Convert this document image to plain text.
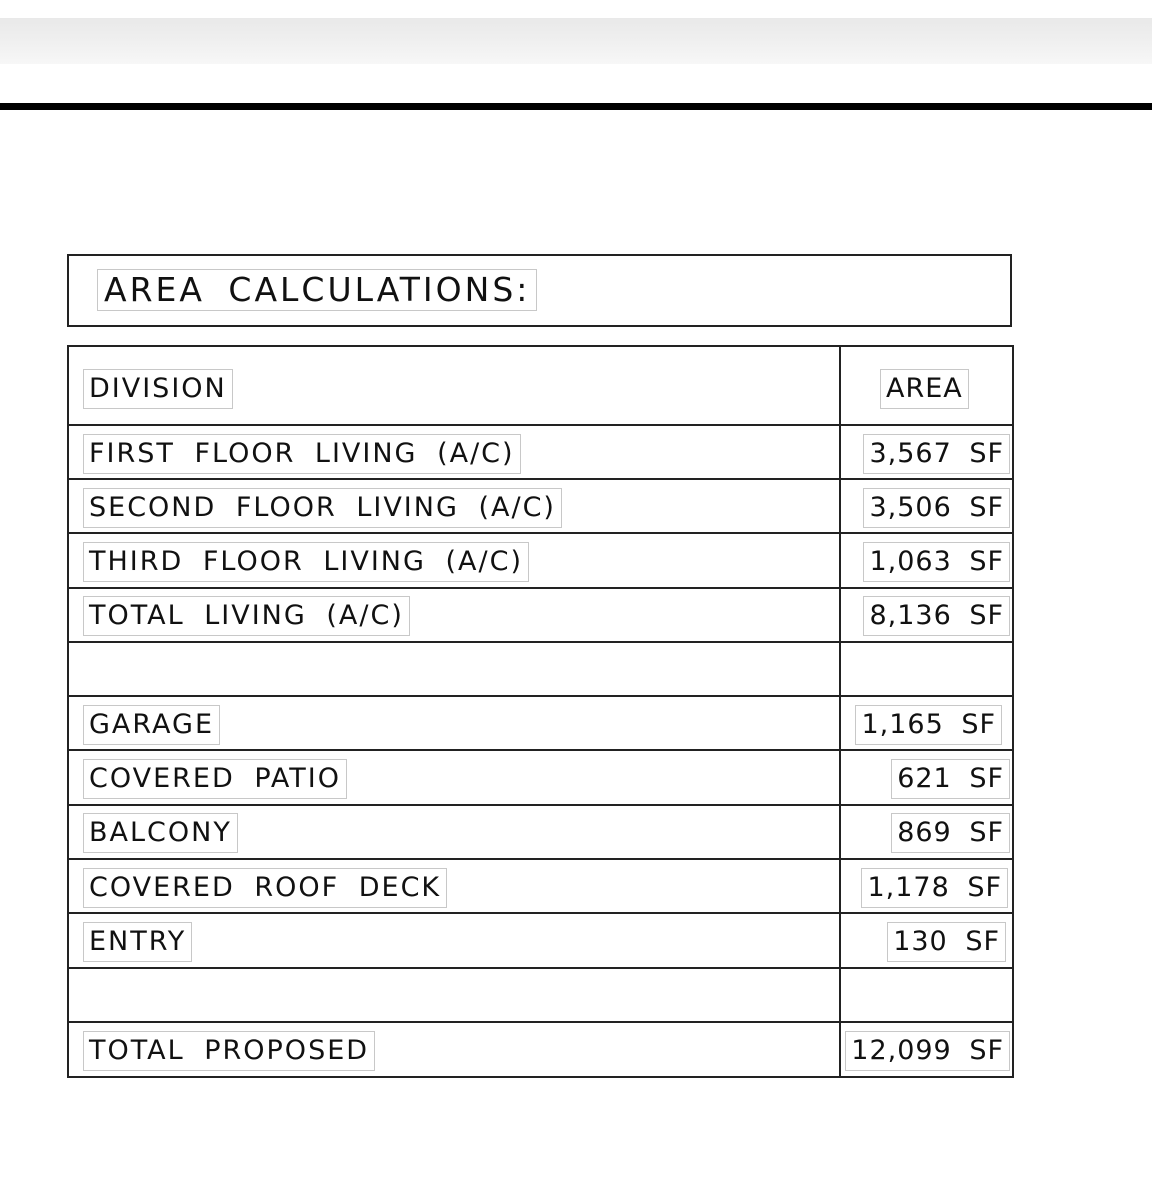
AREA CALCULATIONS:
DIVISION	AREA
FIRST FLOOR LIVING (A/C)	3,567 SF
SECOND FLOOR LIVING (A/C)	3,506 SF
THIRD FLOOR LIVING (A/C)	1,063 SF
TOTAL LIVING (A/C)	8,136 SF
GARAGE	1,165 SF
COVERED PATIO	621 SF
BALCONY	869 SF
COVERED ROOF DECK	1,178 SF
ENTRY	130 SF
TOTAL PROPOSED	12,099 SF
